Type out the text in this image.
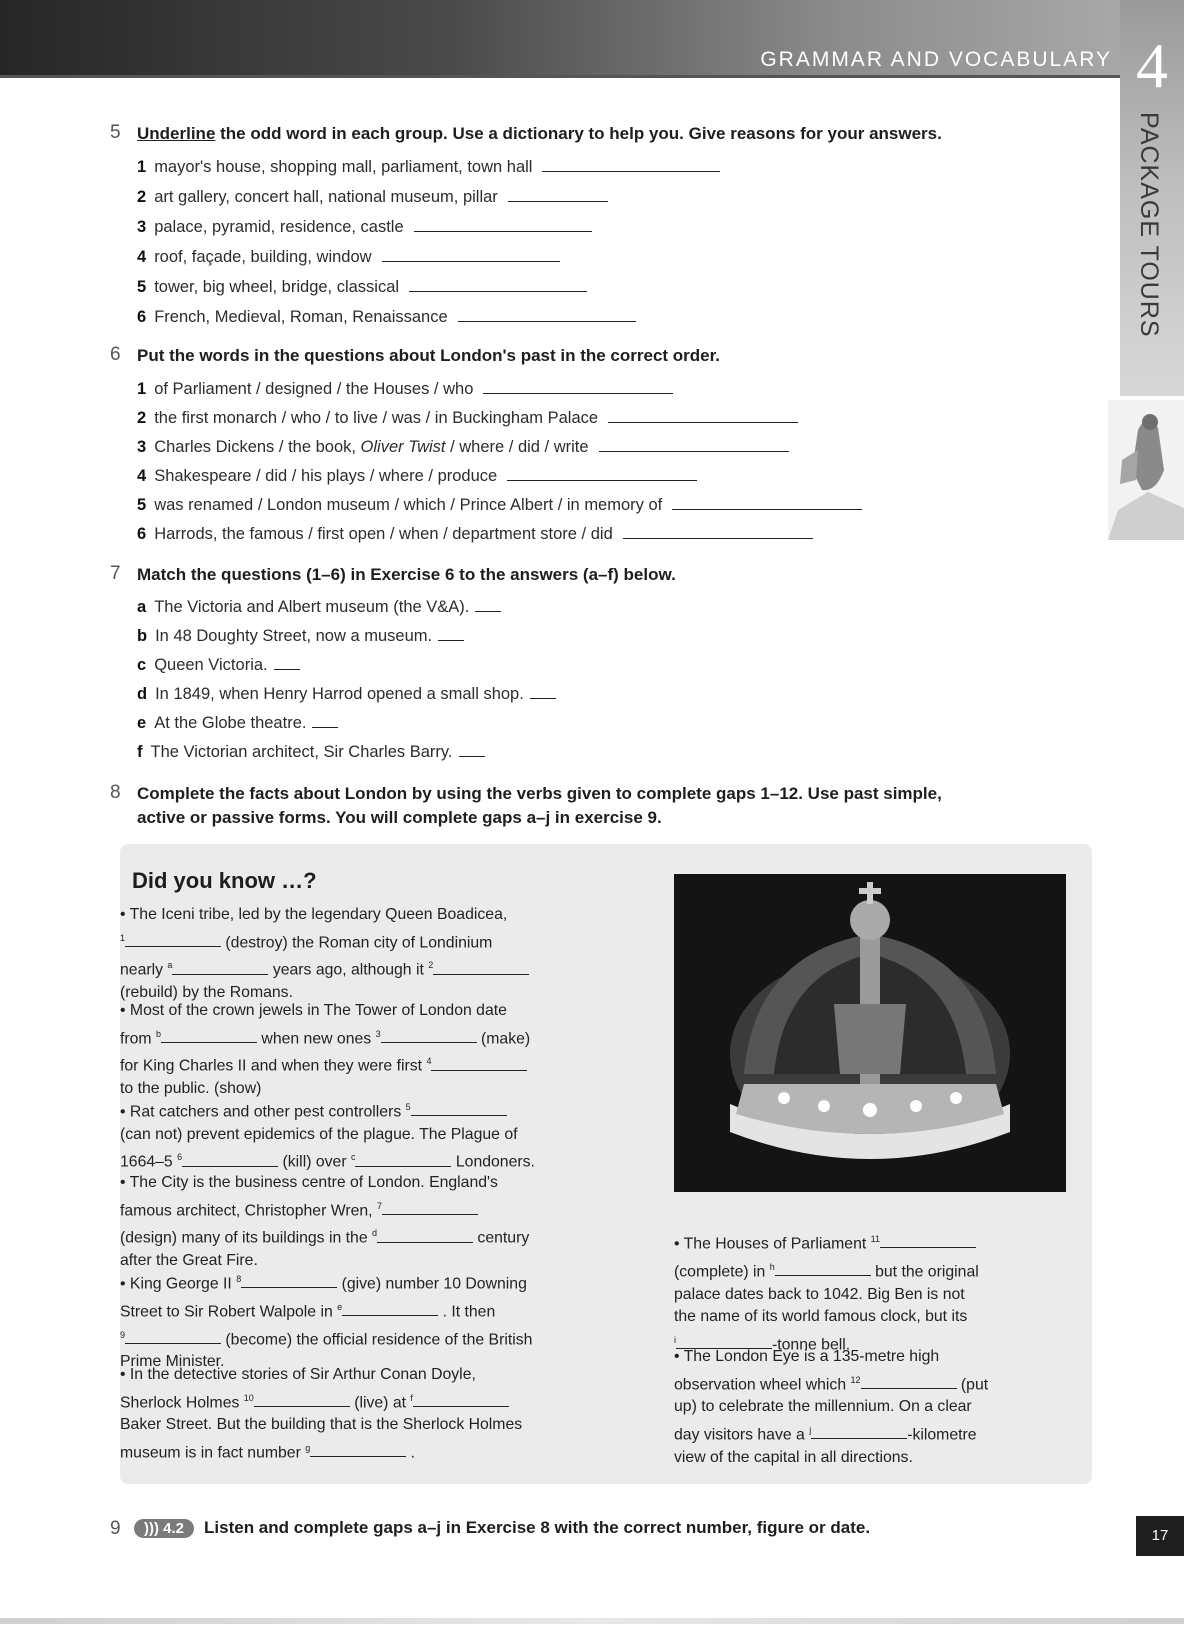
GRAMMAR AND VOCABULARY 4
PACKAGE TOURS
5 Underline the odd word in each group. Use a dictionary to help you. Give reasons for your answers.
1 mayor's house, shopping mall, parliament, town hall
2 art gallery, concert hall, national museum, pillar
3 palace, pyramid, residence, castle
4 roof, façade, building, window
5 tower, big wheel, bridge, classical
6 French, Medieval, Roman, Renaissance
6 Put the words in the questions about London's past in the correct order.
1 of Parliament / designed / the Houses / who
2 the first monarch / who / to live / was / in Buckingham Palace
3 Charles Dickens / the book, Oliver Twist / where / did / write
4 Shakespeare / did / his plays / where / produce
5 was renamed / London museum / which / Prince Albert / in memory of
6 Harrods, the famous / first open / when / department store / did
7 Match the questions (1–6) in Exercise 6 to the answers (a–f) below.
a The Victoria and Albert museum (the V&A).
b In 48 Doughty Street, now a museum.
c Queen Victoria.
d In 1849, when Henry Harrod opened a small shop.
e At the Globe theatre.
f The Victorian architect, Sir Charles Barry.
8 Complete the facts about London by using the verbs given to complete gaps 1–12. Use past simple,
active or passive forms. You will complete gaps a–j in exercise 9.
Did you know …?
• The Iceni tribe, led by the legendary Queen Boadicea,
$^1$	(destroy) the Roman city of Londinium
nearly $^a$	years ago, although it $^2$
(rebuild) by the Romans.
• Most of the crown jewels in The Tower of London date
from $^b$	when new ones $^3$	(make)
for King Charles II and when they were first $^4$
to the public. (show)
• Rat catchers and other pest controllers $^5$
(can not) prevent epidemics of the plague. The Plague of
1664–5 $^6$	(kill) over $^c$	Londoners.
• The City is the business centre of London. England's
famous architect, Christopher Wren, $^7$
(design) many of its buildings in the $^d$	century
after the Great Fire.
• King George II $^8$	(give) number 10 Downing
Street to Sir Robert Walpole in $^e$	. It then
$^9$	(become) the official residence of the British
Prime Minister.
• In the detective stories of Sir Arthur Conan Doyle,
Sherlock Holmes $^{10}$	(live) at $^f$
Baker Street. But the building that is the Sherlock Holmes
museum is in fact number $^g$	.
• The Houses of Parliament $^{11}$
(complete) in $^h$	but the original
palace dates back to 1042. Big Ben is not
the name of its world famous clock, but its
$^i$	-tonne bell.
• The London Eye is a 135-metre high
observation wheel which $^{12}$	(put
up) to celebrate the millennium. On a clear
day visitors have a $^j$	-kilometre
view of the capital in all directions.
9	))) 4.2 Listen and complete gaps a–j in Exercise 8 with the correct number, figure or date.	17
